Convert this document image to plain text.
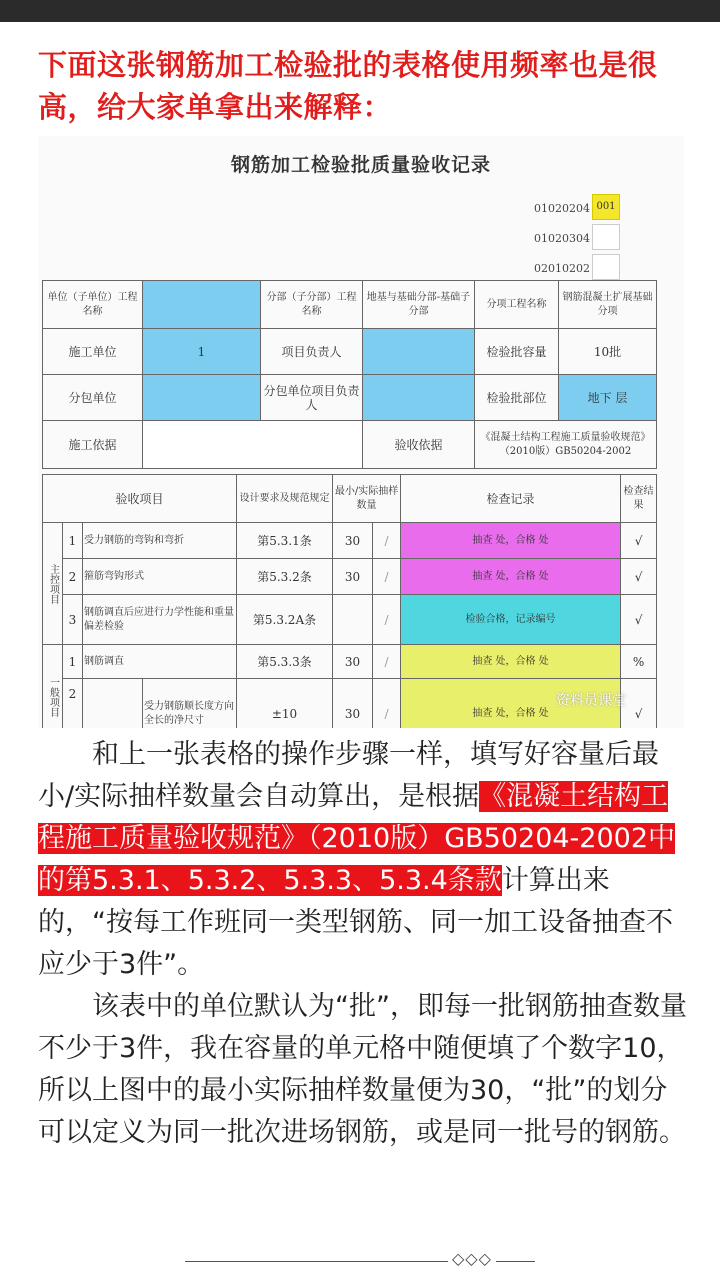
下面这张钢筋加工检验批的表格使用频率也是很高，给大家单拿出来解释：
钢筋加工检验批质量验收记录
01020204 001
01020304
02010202
单位（子单位）工程名称		分部（子分部）工程名称	地基与基础分部-基础子分部	分项工程名称	钢筋混凝土扩展基础分项
施工单位	1	项目负责人		检验批容量	10批
分包单位		分包单位项目负责人		检验批部位	地下 层
施工依据			验收依据	《混凝土结构工程施工质量验收规范》（2010版）GB50204-2002	
验收项目				设计要求及规范规定	最小/实际抽样数量		检查记录	检查结果
主控项目	1	受力钢筋的弯钩和弯折		第5.3.1条	30	/	抽查 处，合格 处	√
	2	箍筋弯钩形式		第5.3.2条	30	/	抽查 处，合格 处	√
	3	钢筋调直后应进行力学性能和重量偏差检验		第5.3.2A条		/	检验合格，记录编号	√
一般项目	1	钢筋调直		第5.3.3条	30	/	抽查 处，合格 处	%
	2		受力钢筋顺长度方向全长的净尺寸	±10	30	/	抽查 处，合格 处	√
资料员课堂
和上一张表格的操作步骤一样，填写好容量后最小/实际抽样数量会自动算出，是根据《混凝土结构工程施工质量验收规范》（2010版）GB50204-2002中的第5.3.1、5.3.2、5.3.3、5.3.4条款计算出来的，“按每工作班同一类型钢筋、同一加工设备抽查不应少于3件”。
该表中的单位默认为“批”，即每一批钢筋抽查数量不少于3件，我在容量的单元格中随便填了个数字10，所以上图中的最小实际抽样数量便为30，“批”的划分可以定义为同一批次进场钢筋，或是同一批号的钢筋。
◇◇◇
